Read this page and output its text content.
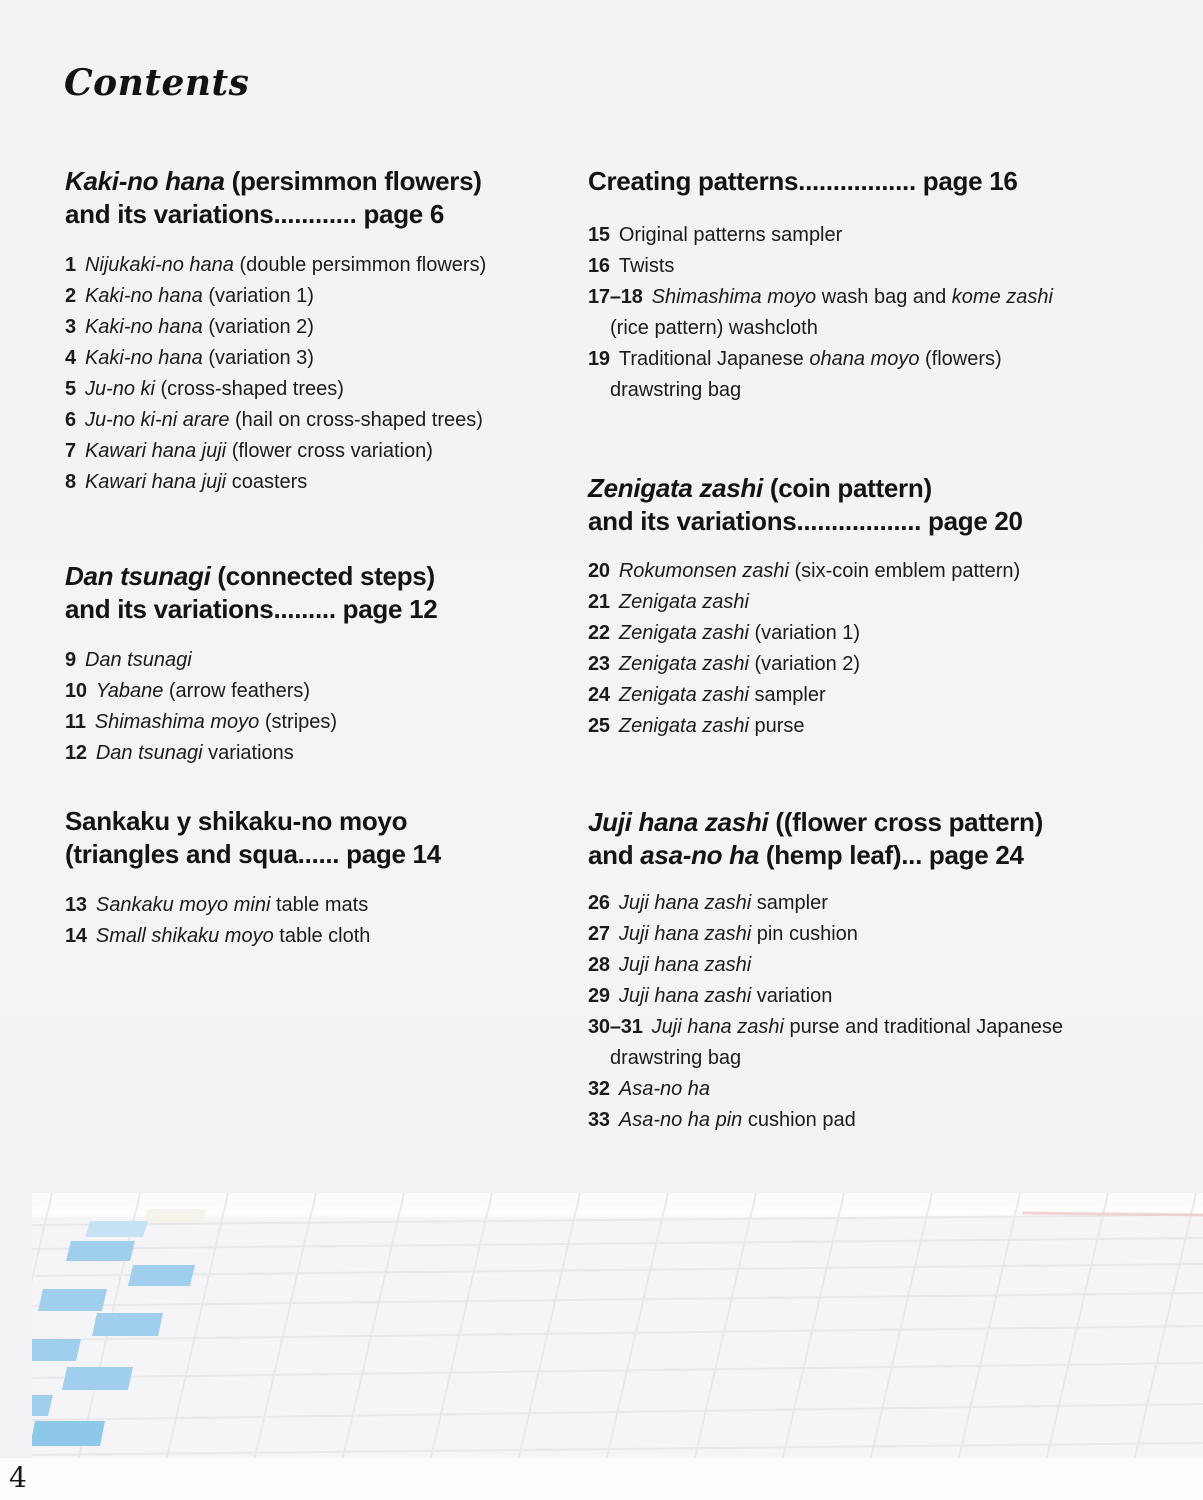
Contents
Kaki-no hana (persimmon flowers)
and its variations............ page 6
1 Nijukaki-no hana (double persimmon flowers)
2 Kaki-no hana (variation 1)
3 Kaki-no hana (variation 2)
4 Kaki-no hana (variation 3)
5 Ju-no ki (cross-shaped trees)
6 Ju-no ki-ni arare (hail on cross-shaped trees)
7 Kawari hana juji (flower cross variation)
8 Kawari hana juji coasters
Dan tsunagi (connected steps)
and its variations......... page 12
9 Dan tsunagi
10 Yabane (arrow feathers)
11 Shimashima moyo (stripes)
12 Dan tsunagi variations
Sankaku y shikaku-no moyo
(triangles and squa...... page 14
13 Sankaku moyo mini table mats
14 Small shikaku moyo table cloth
Creating patterns................. page 16
15 Original patterns sampler
16 Twists
17–18 Shimashima moyo wash bag and kome zashi
(rice pattern) washcloth
19 Traditional Japanese ohana moyo (flowers)
drawstring bag
Zenigata zashi (coin pattern)
and its variations.................. page 20
20 Rokumonsen zashi (six-coin emblem pattern)
21 Zenigata zashi
22 Zenigata zashi (variation 1)
23 Zenigata zashi (variation 2)
24 Zenigata zashi sampler
25 Zenigata zashi purse
Juji hana zashi ((flower cross pattern)
and asa-no ha (hemp leaf)... page 24
26 Juji hana zashi sampler
27 Juji hana zashi pin cushion
28 Juji hana zashi
29 Juji hana zashi variation
30–31 Juji hana zashi purse and traditional Japanese
drawstring bag
32 Asa-no ha
33 Asa-no ha pin cushion pad
4
